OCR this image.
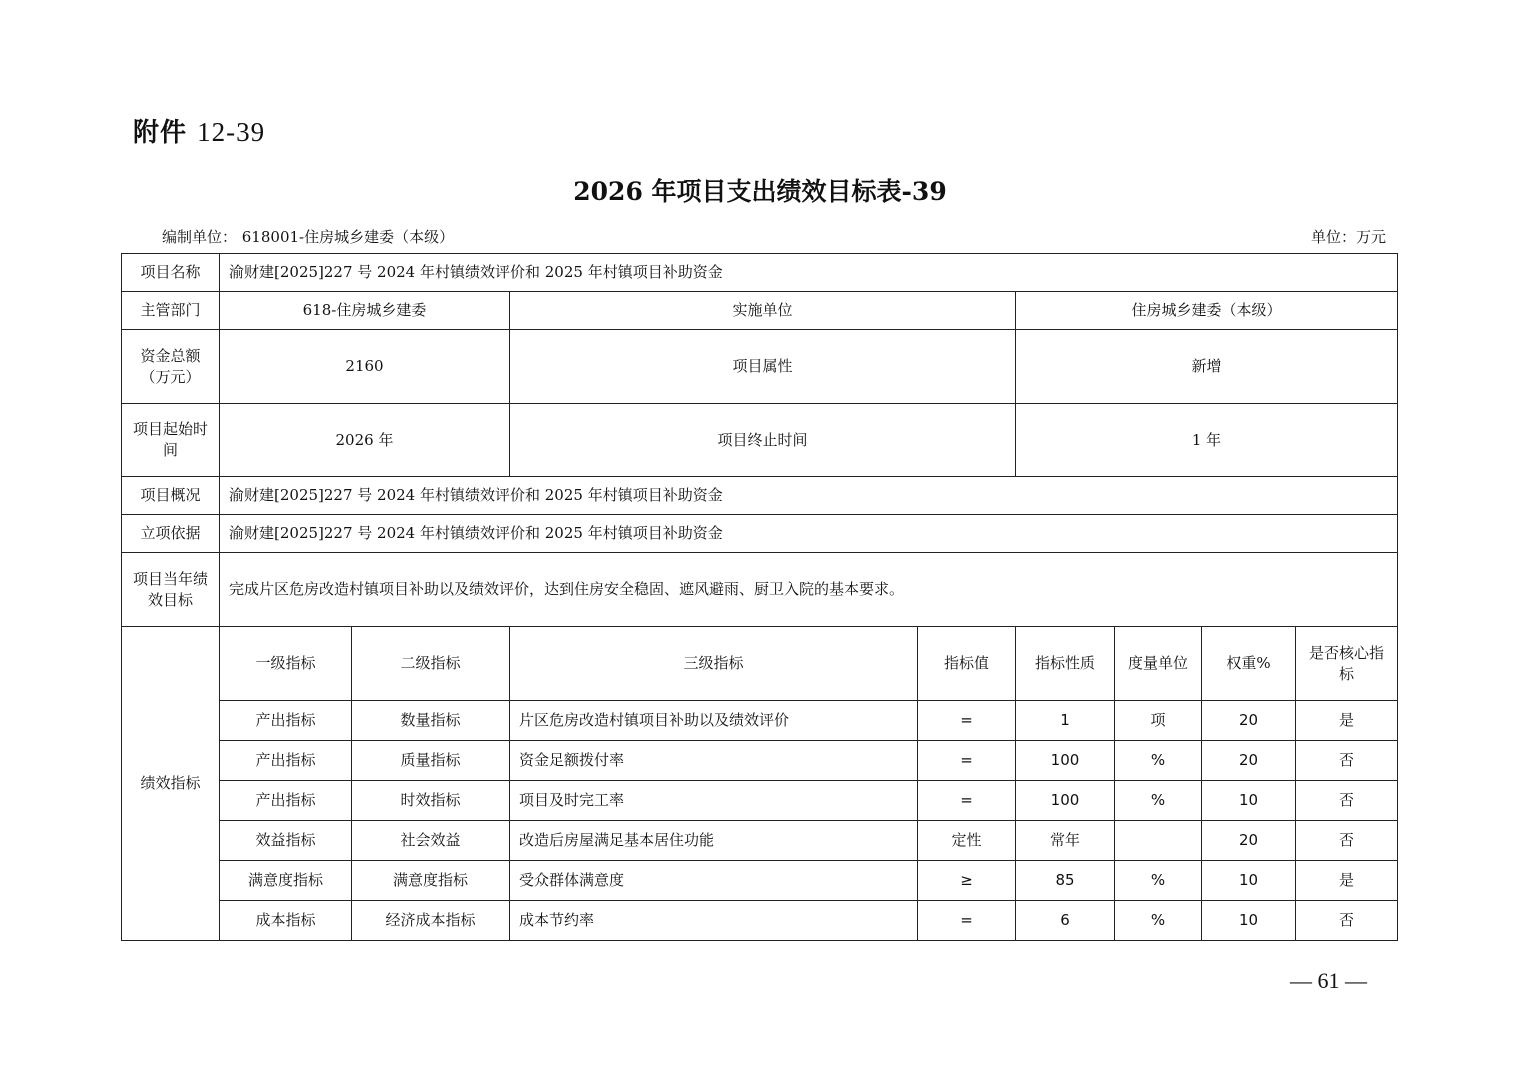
附件 12-39
2026 年项目支出绩效目标表-39
编制单位： 618001-住房城乡建委（本级）	单位：万元
项目名称	渝财建[2025]227 号 2024 年村镇绩效评价和 2025 年村镇项目补助资金							
主管部门	618-住房城乡建委		实施单位		住房城乡建委（本级）			
资金总额（万元）	2160		项目属性		新增			
项目起始时间	2026 年		项目终止时间		1 年			
项目概况	渝财建[2025]227 号 2024 年村镇绩效评价和 2025 年村镇项目补助资金							
立项依据	渝财建[2025]227 号 2024 年村镇绩效评价和 2025 年村镇项目补助资金							
项目当年绩效目标	完成片区危房改造村镇项目补助以及绩效评价，达到住房安全稳固、遮风避雨、厨卫入院的基本要求。							
绩效指标	一级指标	二级指标	三级指标	指标值	指标性质	度量单位	权重%	是否核心指标
	产出指标	数量指标	片区危房改造村镇项目补助以及绩效评价	=	1	项	20	是
	产出指标	质量指标	资金足额拨付率	=	100	%	20	否
	产出指标	时效指标	项目及时完工率	=	100	%	10	否
	效益指标	社会效益	改造后房屋满足基本居住功能	定性	常年		20	否
	满意度指标	满意度指标	受众群体满意度	≥	85	%	10	是
	成本指标	经济成本指标	成本节约率	=	6	%	10	否
— 61 —
